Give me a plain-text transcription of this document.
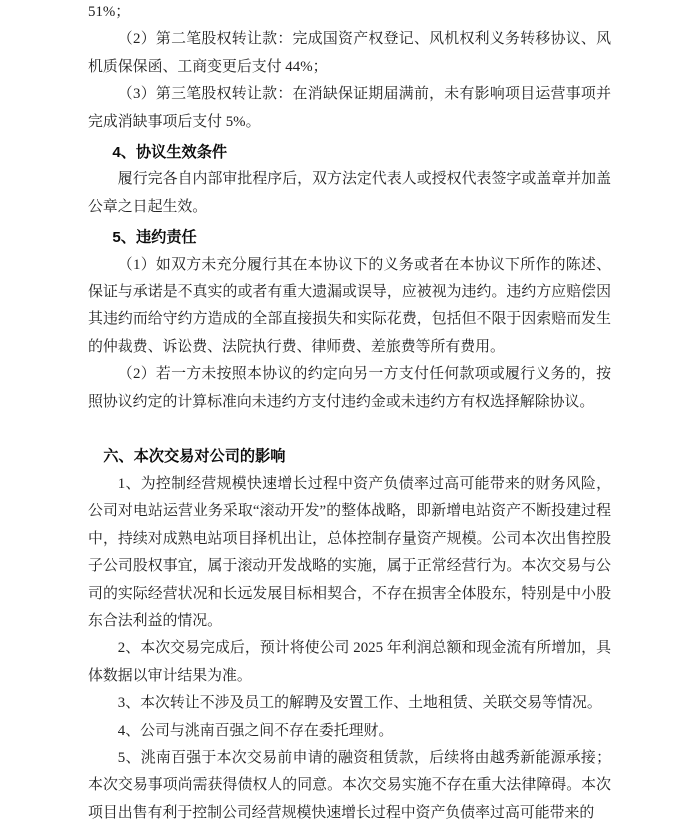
51%；

（2）第二笔股权转让款：完成国资产权登记、风机权利义务转移协议、风机质保保函、工商变更后支付 44%；

（3）第三笔股权转让款：在消缺保证期届满前，未有影响项目运营事项并完成消缺事项后支付 5%。

4、协议生效条件

履行完各自内部审批程序后，双方法定代表人或授权代表签字或盖章并加盖公章之日起生效。

5、违约责任

（1）如双方未充分履行其在本协议下的义务或者在本协议下所作的陈述、保证与承诺是不真实的或者有重大遗漏或误导，应被视为违约。违约方应赔偿因其违约而给守约方造成的全部直接损失和实际花费，包括但不限于因索赔而发生的仲裁费、诉讼费、法院执行费、律师费、差旅费等所有费用。

（2）若一方未按照本协议的约定向另一方支付任何款项或履行义务的，按照协议约定的计算标准向未违约方支付违约金或未违约方有权选择解除协议。

六、本次交易对公司的影响

1、为控制经营规模快速增长过程中资产负债率过高可能带来的财务风险，公司对电站运营业务采取“滚动开发”的整体战略，即新增电站资产不断投建过程中，持续对成熟电站项目择机出让，总体控制存量资产规模。公司本次出售控股子公司股权事宜，属于滚动开发战略的实施，属于正常经营行为。本次交易与公司的实际经营状况和长远发展目标相契合，不存在损害全体股东，特别是中小股东合法利益的情况。

2、本次交易完成后，预计将使公司 2025 年利润总额和现金流有所增加，具体数据以审计结果为准。

3、本次转让不涉及员工的解聘及安置工作、土地租赁、关联交易等情况。

4、公司与洮南百强之间不存在委托理财。

5、洮南百强于本次交易前申请的融资租赁款，后续将由越秀新能源承接；本次交易事项尚需获得债权人的同意。本次交易实施不存在重大法律障碍。本次项目出售有利于控制公司经营规模快速增长过程中资产负债率过高可能带来的
